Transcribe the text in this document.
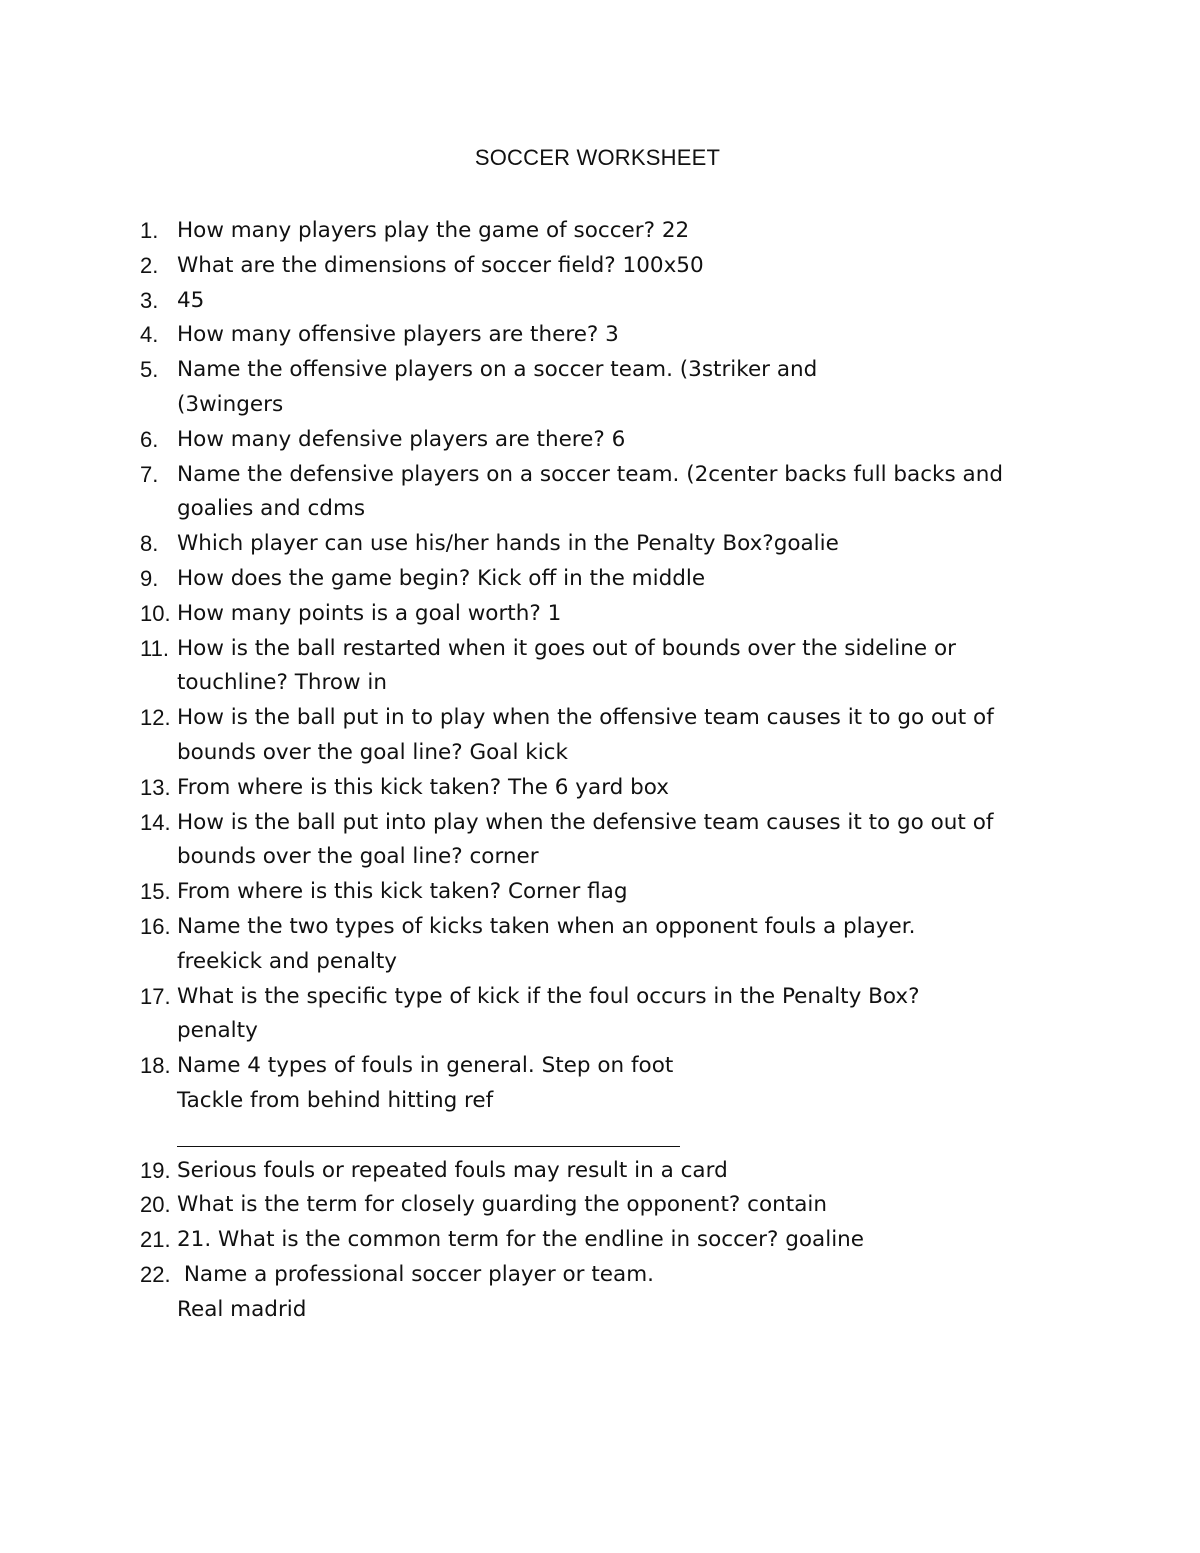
SOCCER WORKSHEET
1. How many players play the game of soccer? 22
2. What are the dimensions of soccer field? 100x50
3. 45
4. How many offensive players are there? 3
5. Name the offensive players on a soccer team. (3striker and
(3wingers
6. How many defensive players are there? 6
7. Name the defensive players on a soccer team. (2center backs full backs and
goalies and cdms
8. Which player can use his/her hands in the Penalty Box?goalie
9. How does the game begin? Kick off in the middle
10. How many points is a goal worth? 1
11. How is the ball restarted when it goes out of bounds over the sideline or
touchline? Throw in
12. How is the ball put in to play when the offensive team causes it to go out of
bounds over the goal line? Goal kick
13. From where is this kick taken? The 6 yard box
14. How is the ball put into play when the defensive team causes it to go out of
bounds over the goal line? corner
15. From where is this kick taken? Corner flag
16. Name the two types of kicks taken when an opponent fouls a player.
freekick and penalty
17. What is the specific type of kick if the foul occurs in the Penalty Box?
penalty
18. Name 4 types of fouls in general. Step on foot
Tackle from behind hitting ref
19. Serious fouls or repeated fouls may result in a card
20. What is the term for closely guarding the opponent? contain
21. 21. What is the common term for the endline in soccer? goaline
22. Name a professional soccer player or team.
Real madrid
